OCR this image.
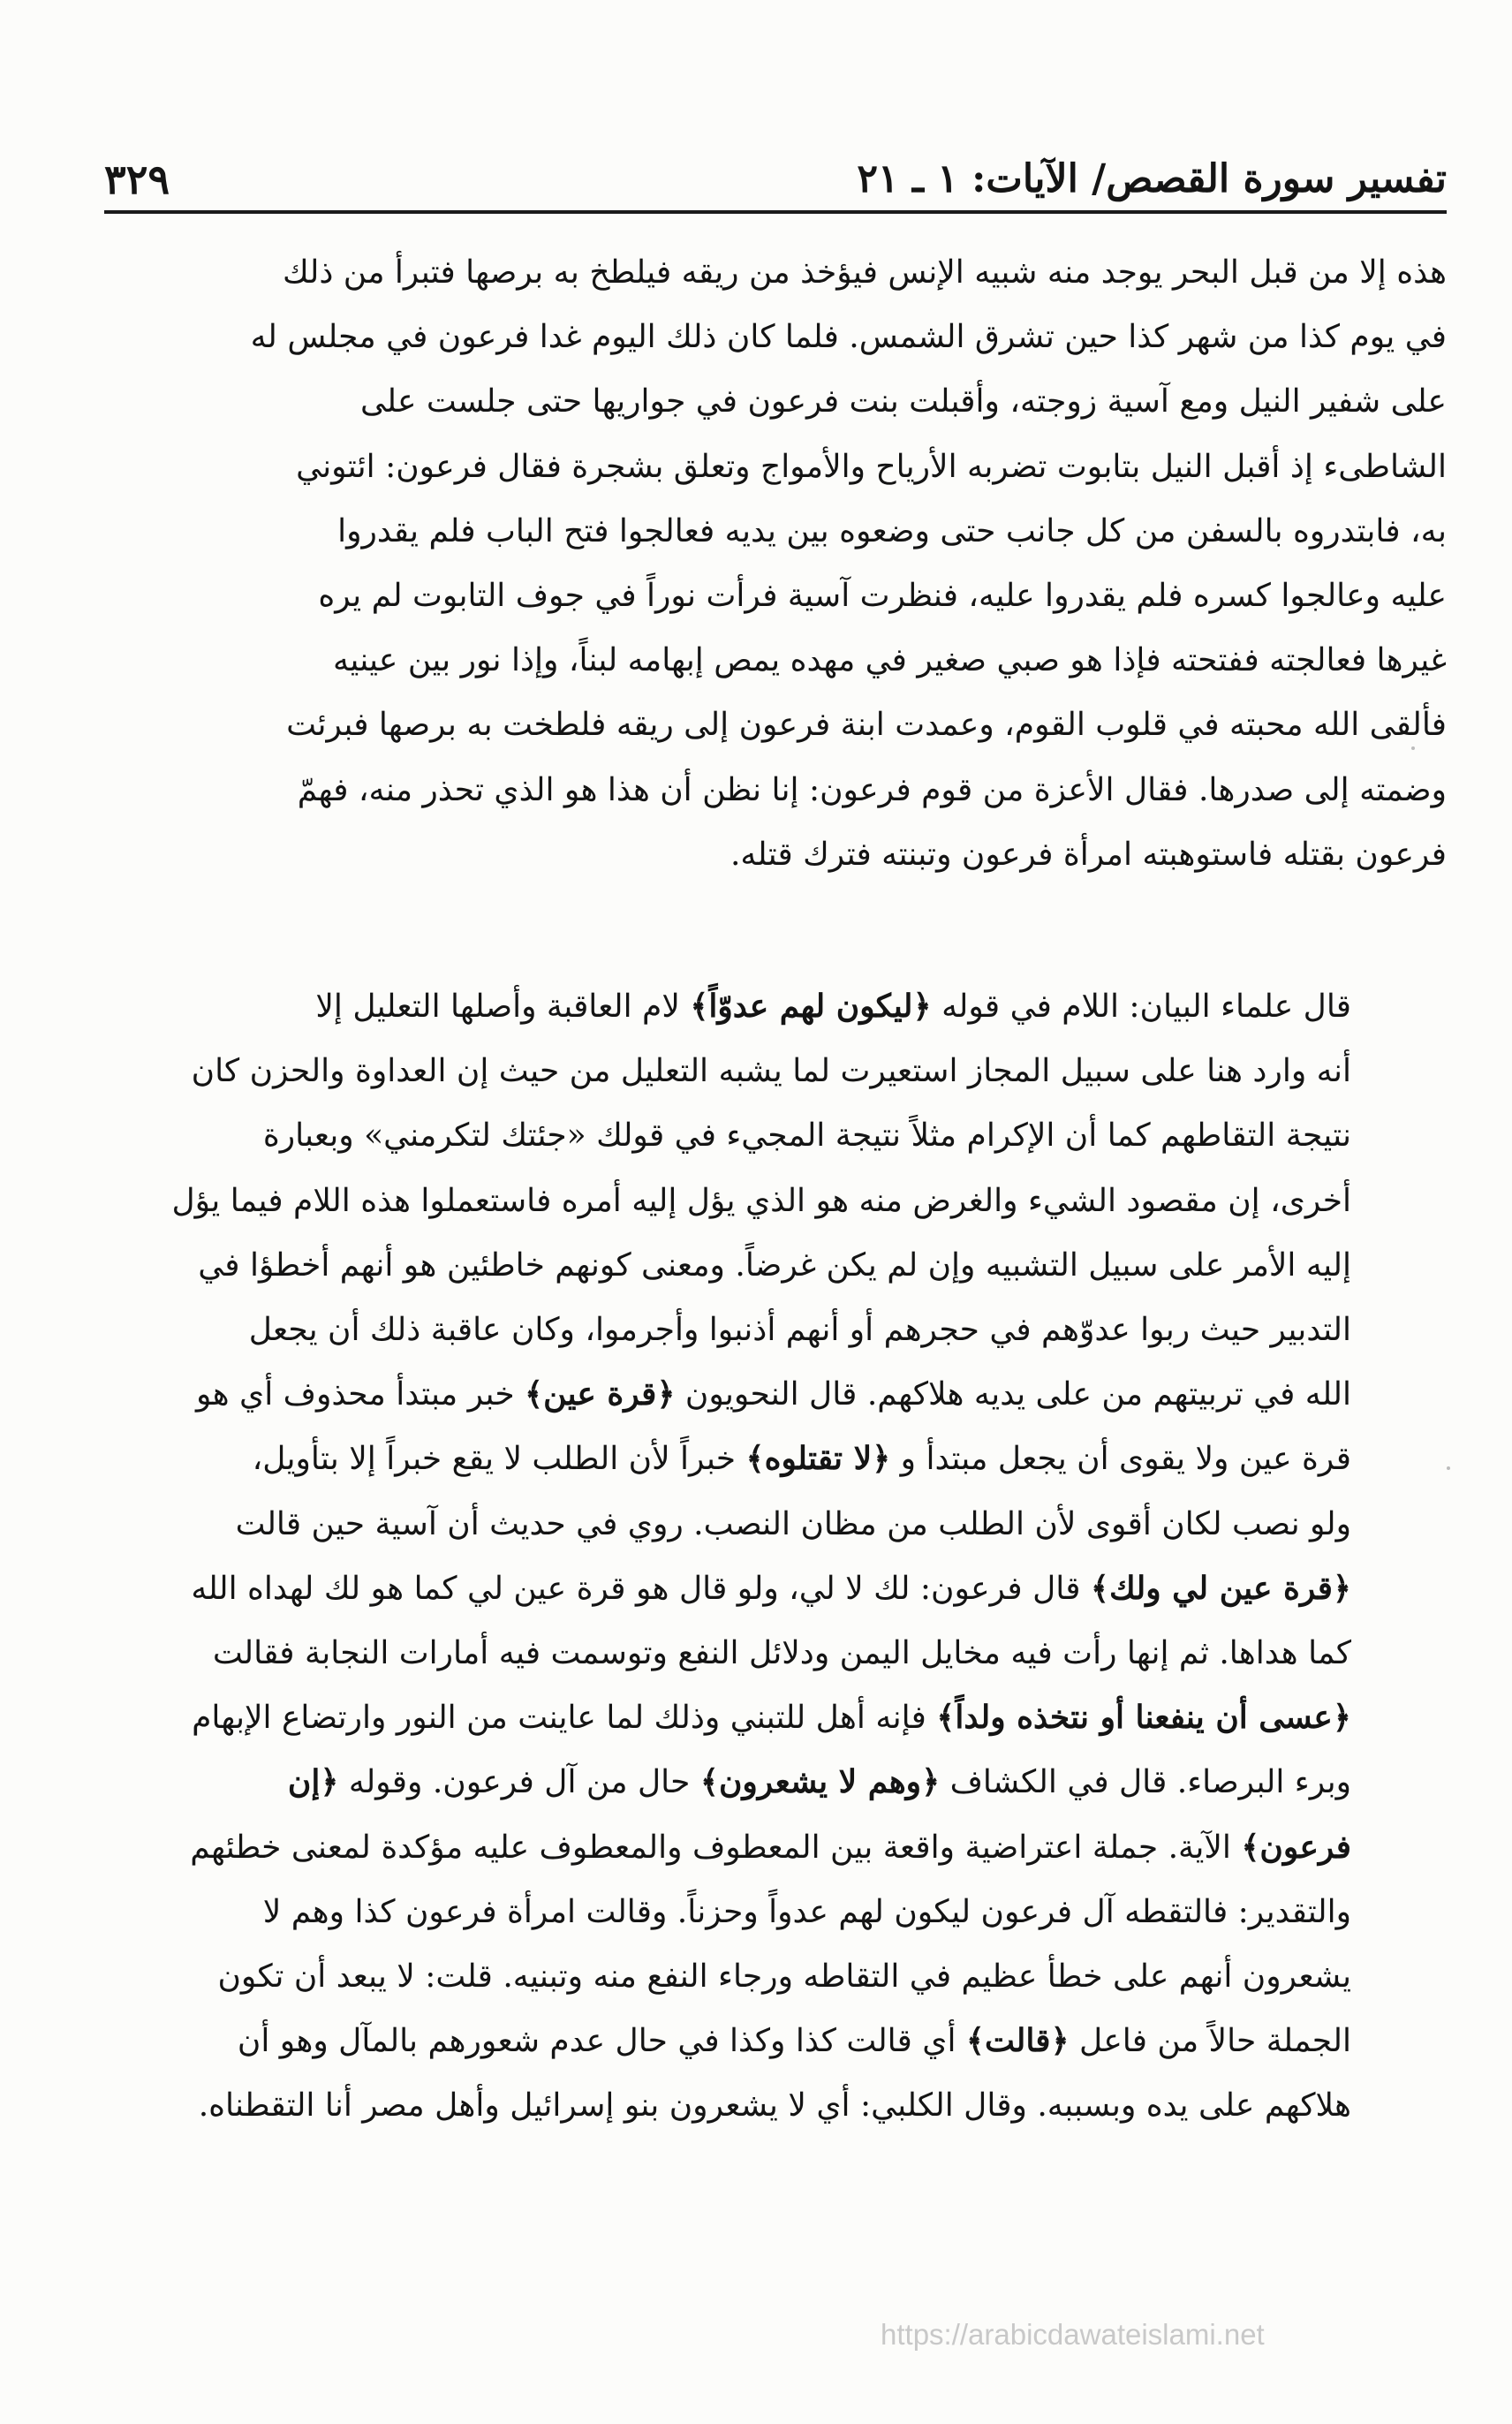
تفسير سورة القصص/ الآيات: ١ ـ ٢١
٣٢٩
هذه إلا من قبل البحر يوجد منه شبيه الإنس فيؤخذ من ريقه فيلطخ به برصها فتبرأ من ذلك
في يوم كذا من شهر كذا حين تشرق الشمس. فلما كان ذلك اليوم غدا فرعون في مجلس له
على شفير النيل ومع آسية زوجته، وأقبلت بنت فرعون في جواريها حتى جلست على
الشاطىء إذ أقبل النيل بتابوت تضربه الأرياح والأمواج وتعلق بشجرة فقال فرعون: ائتوني
به، فابتدروه بالسفن من كل جانب حتى وضعوه بين يديه فعالجوا فتح الباب فلم يقدروا
عليه وعالجوا كسره فلم يقدروا عليه، فنظرت آسية فرأت نوراً في جوف التابوت لم يره
غيرها فعالجته ففتحته فإذا هو صبي صغير في مهده يمص إبهامه لبناً، وإذا نور بين عينيه
فألقى الله محبته في قلوب القوم، وعمدت ابنة فرعون إلى ريقه فلطخت به برصها فبرئت
وضمته إلى صدرها. فقال الأعزة من قوم فرعون: إنا نظن أن هذا هو الذي تحذر منه، فهمّ
فرعون بقتله فاستوهبته امرأة فرعون وتبنته فترك قتله.
قال علماء البيان: اللام في قوله ﴿ليكون لهم عدوّاً﴾ لام العاقبة وأصلها التعليل إلا
أنه وارد هنا على سبيل المجاز استعيرت لما يشبه التعليل من حيث إن العداوة والحزن كان
نتيجة التقاطهم كما أن الإكرام مثلاً نتيجة المجيء في قولك «جئتك لتكرمني» وبعبارة
أخرى، إن مقصود الشيء والغرض منه هو الذي يؤل إليه أمره فاستعملوا هذه اللام فيما يؤل
إليه الأمر على سبيل التشبيه وإن لم يكن غرضاً. ومعنى كونهم خاطئين هو أنهم أخطؤا في
التدبير حيث ربوا عدوّهم في حجرهم أو أنهم أذنبوا وأجرموا، وكان عاقبة ذلك أن يجعل
الله في تربيتهم من على يديه هلاكهم. قال النحويون ﴿قرة عين﴾ خبر مبتدأ محذوف أي هو
قرة عين ولا يقوى أن يجعل مبتدأ و ﴿لا تقتلوه﴾ خبراً لأن الطلب لا يقع خبراً إلا بتأويل،
ولو نصب لكان أقوى لأن الطلب من مظان النصب. روي في حديث أن آسية حين قالت
﴿قرة عين لي ولك﴾ قال فرعون: لك لا لي، ولو قال هو قرة عين لي كما هو لك لهداه الله
كما هداها. ثم إنها رأت فيه مخايل اليمن ودلائل النفع وتوسمت فيه أمارات النجابة فقالت
﴿عسى أن ينفعنا أو نتخذه ولداً﴾ فإنه أهل للتبني وذلك لما عاينت من النور وارتضاع الإبهام
وبرء البرصاء. قال في الكشاف ﴿وهم لا يشعرون﴾ حال من آل فرعون. وقوله ﴿إن
فرعون﴾ الآية. جملة اعتراضية واقعة بين المعطوف والمعطوف عليه مؤكدة لمعنى خطئهم
والتقدير: فالتقطه آل فرعون ليكون لهم عدواً وحزناً. وقالت امرأة فرعون كذا وهم لا
يشعرون أنهم على خطأ عظيم في التقاطه ورجاء النفع منه وتبنيه. قلت: لا يبعد أن تكون
الجملة حالاً من فاعل ﴿قالت﴾ أي قالت كذا وكذا في حال عدم شعورهم بالمآل وهو أن
هلاكهم على يده وبسببه. وقال الكلبي: أي لا يشعرون بنو إسرائيل وأهل مصر أنا التقطناه.
https://arabicdawateislami.net
